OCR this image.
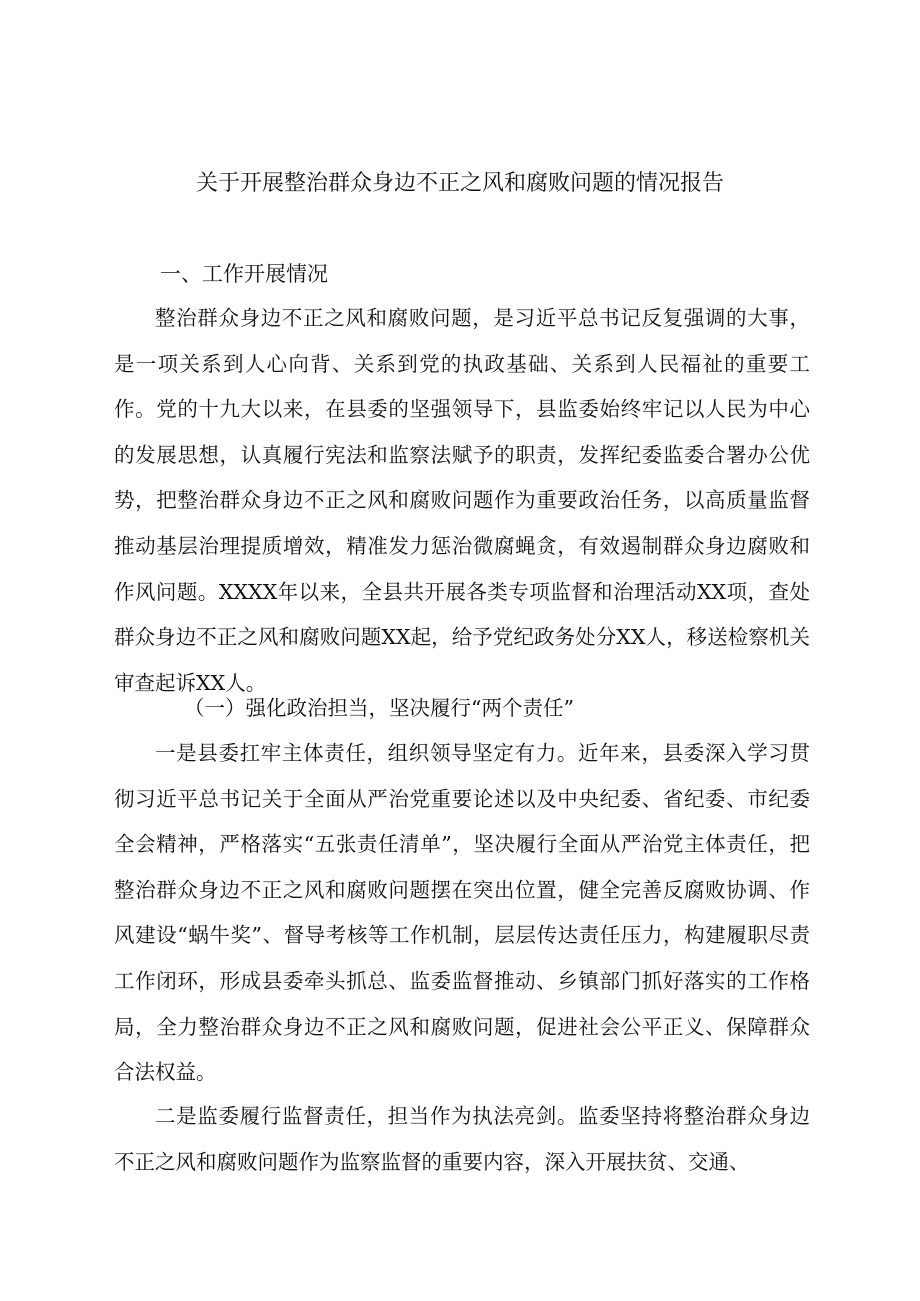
关于开展整治群众身边不正之风和腐败问题的情况报告
一、工作开展情况

整治群众身边不正之风和腐败问题，是习近平总书记反复强调的大事，是一项关系到人心向背、关系到党的执政基础、关系到人民福祉的重要工作。党的十九大以来，在县委的坚强领导下，县监委始终牢记以人民为中心的发展思想，认真履行宪法和监察法赋予的职责，发挥纪委监委合署办公优势，把整治群众身边不正之风和腐败问题作为重要政治任务，以高质量监督推动基层治理提质增效，精准发力惩治微腐蝇贪，有效遏制群众身边腐败和作风问题。XXXX年以来，全县共开展各类专项监督和治理活动XX项，查处群众身边不正之风和腐败问题XX起，给予党纪政务处分XX人，移送检察机关审查起诉XX人。

（一）强化政治担当，坚决履行“两个责任”

一是县委扛牢主体责任，组织领导坚定有力。近年来，县委深入学习贯彻习近平总书记关于全面从严治党重要论述以及中央纪委、省纪委、市纪委全会精神，严格落实“五张责任清单”，坚决履行全面从严治党主体责任，把整治群众身边不正之风和腐败问题摆在突出位置，健全完善反腐败协调、作风建设“蜗牛奖”、督导考核等工作机制，层层传达责任压力，构建履职尽责工作闭环，形成县委牵头抓总、监委监督推动、乡镇部门抓好落实的工作格局，全力整治群众身边不正之风和腐败问题，促进社会公平正义、保障群众合法权益。

二是监委履行监督责任，担当作为执法亮剑。监委坚持将整治群众身边不正之风和腐败问题作为监察监督的重要内容，深入开展扶贫、交通、
